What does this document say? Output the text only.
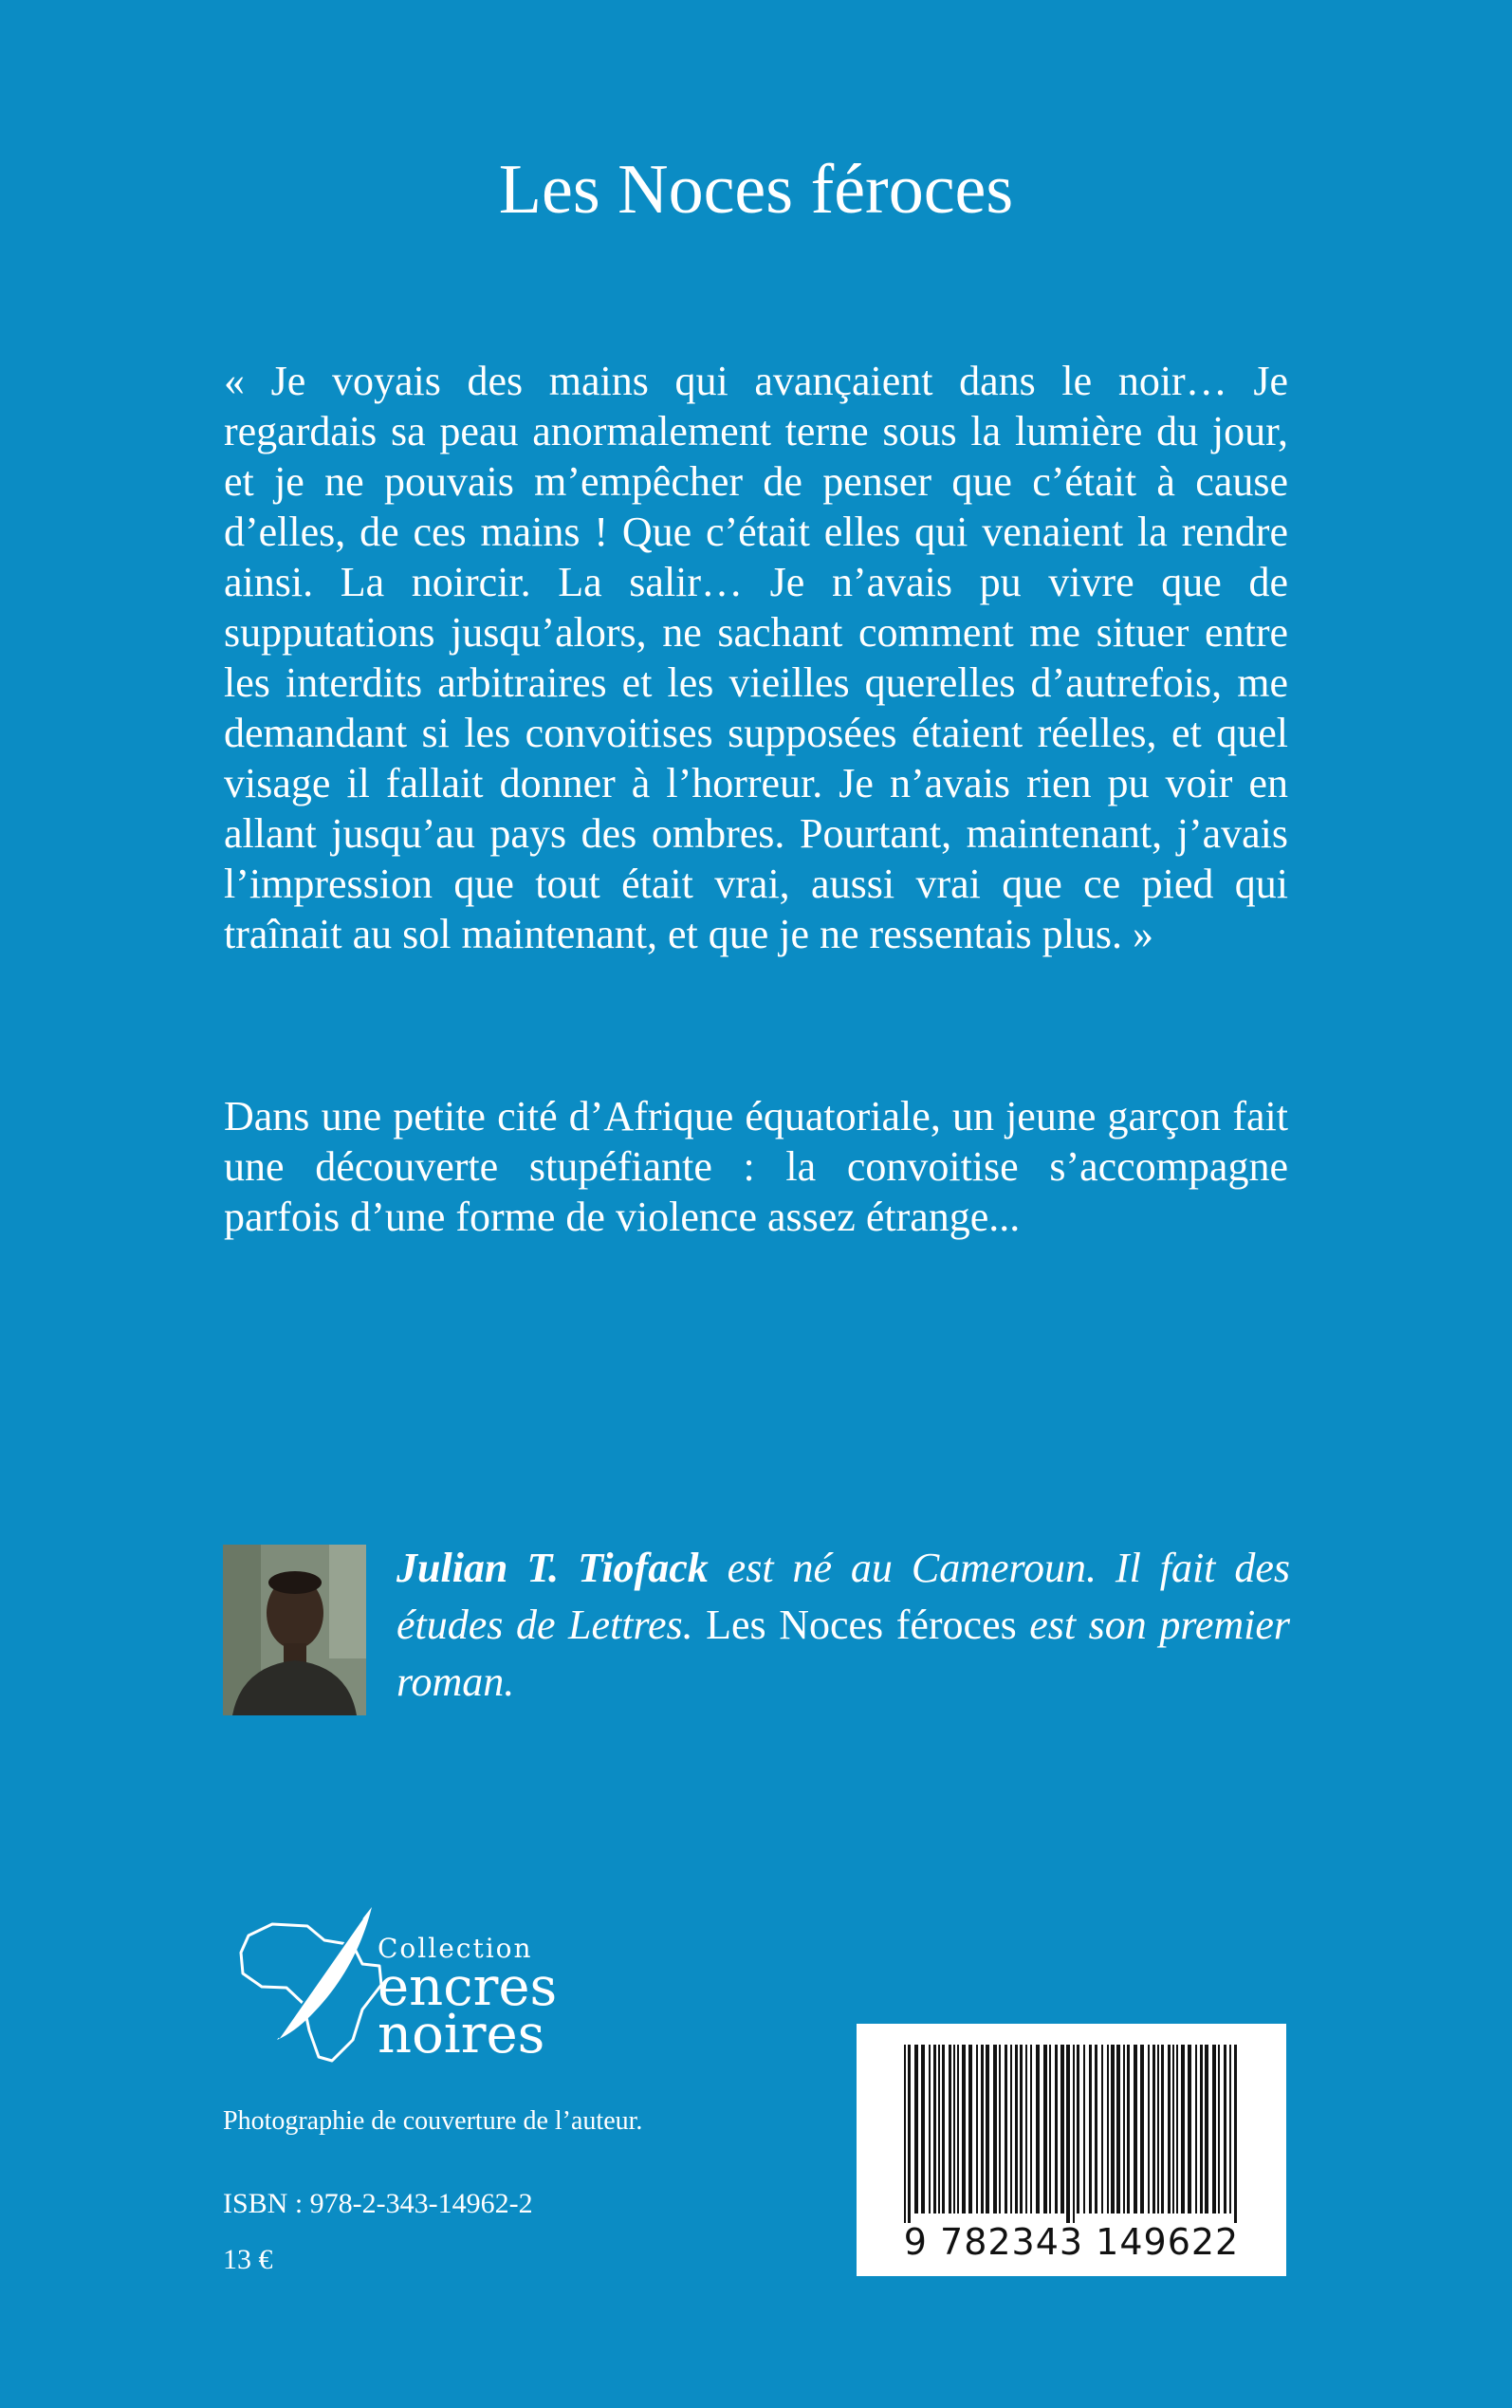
Les Noces féroces

« Je voyais des mains qui avançaient dans le noir… Je regardais sa peau anormalement terne sous la lumière du jour, et je ne pouvais m’empêcher de penser que c’était à cause d’elles, de ces mains ! Que c’était elles qui venaient la rendre ainsi. La noircir. La salir… Je n’avais pu vivre que de supputations jusqu’alors, ne sachant comment me situer entre les interdits arbitraires et les vieilles querelles d’autrefois, me demandant si les convoitises supposées étaient réelles, et quel visage il fallait donner à l’horreur. Je n’avais rien pu voir en allant jusqu’au pays des ombres. Pourtant, maintenant, j’avais l’impression que tout était vrai, aussi vrai que ce pied qui traînait au sol maintenant, et que je ne ressentais plus. »

Dans une petite cité d’Afrique équatoriale, un jeune garçon fait une découverte stupéfiante : la convoitise s’accompagne parfois d’une forme de violence assez étrange...

Julian T. Tiofack est né au Cameroun. Il fait des études de Lettres. Les Noces féroces est son premier roman.

Collection
encres
noires

Photographie de couverture de l’auteur.

ISBN : 978-2-343-14962-2

13 €	9 782343 149622
